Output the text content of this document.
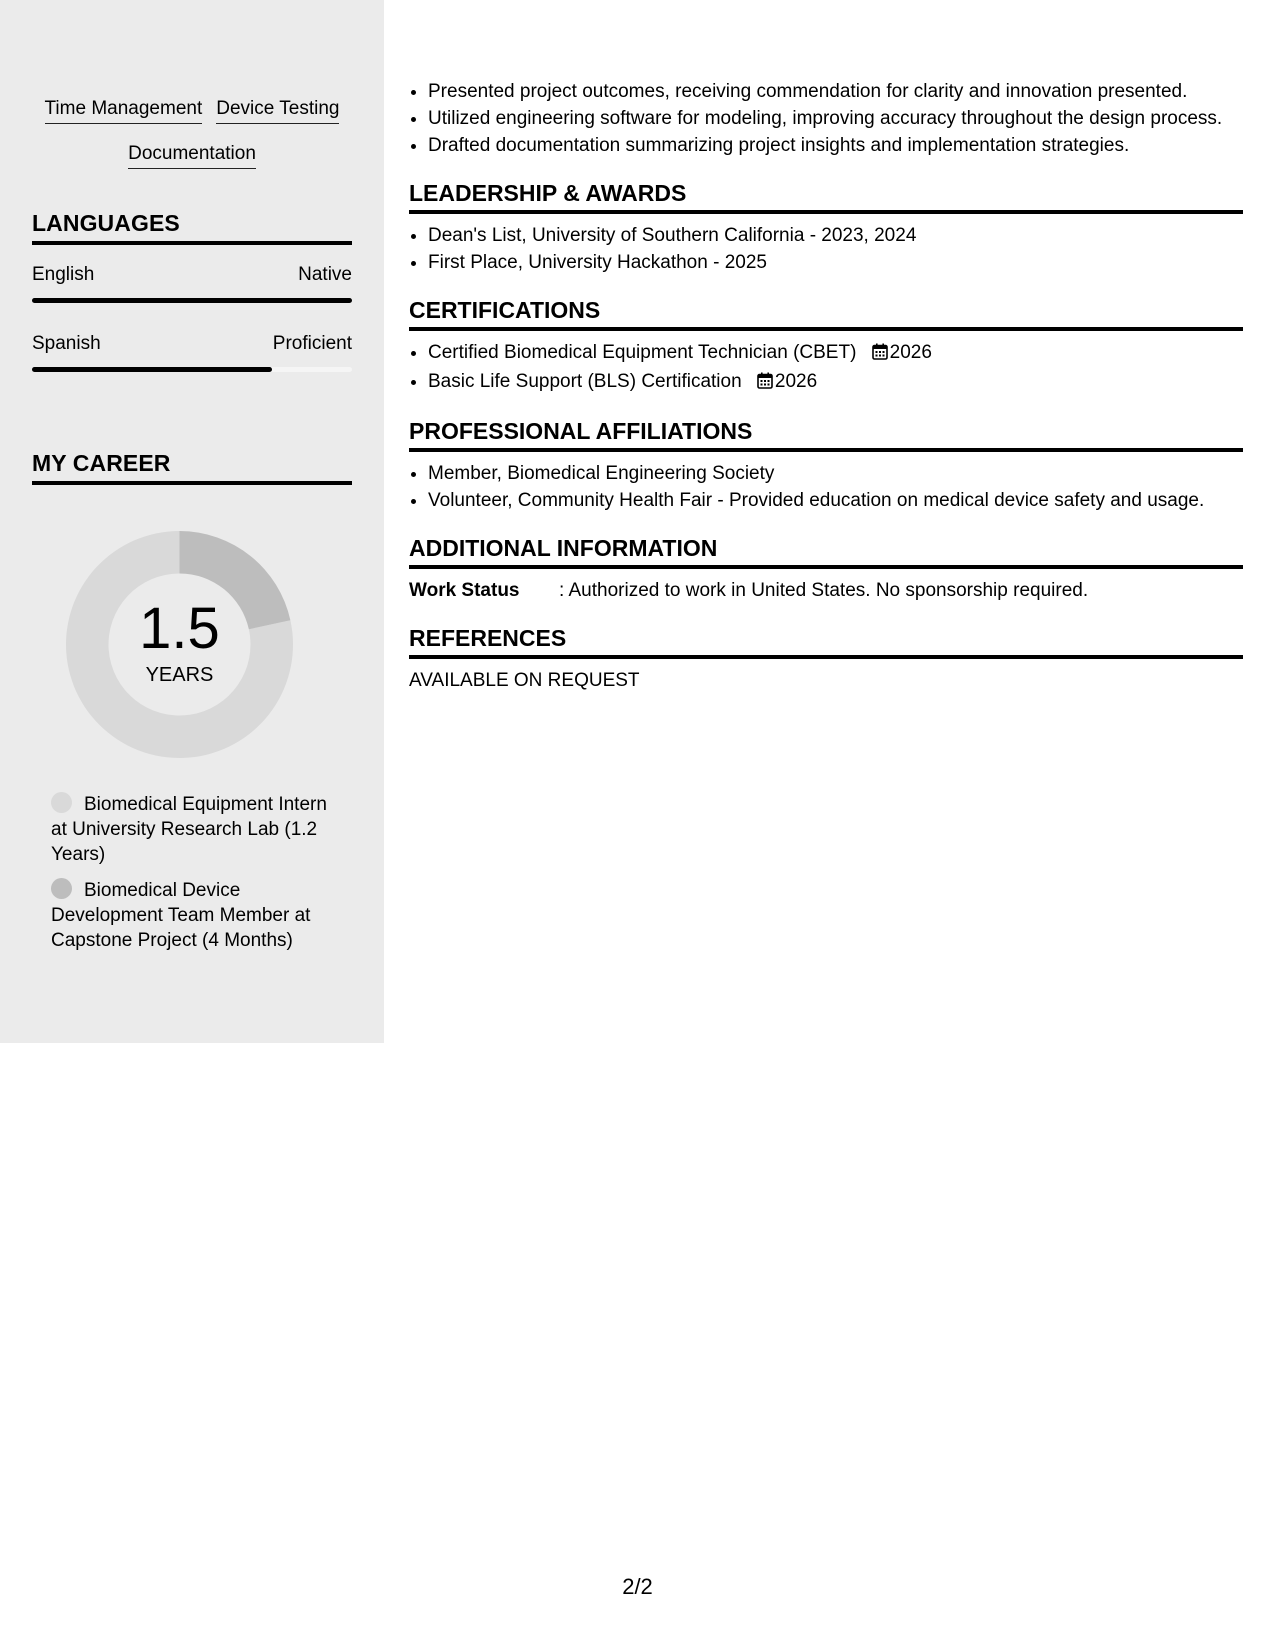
Time Management Device Testing
Documentation
LANGUAGES
English	Native
Spanish	Proficient
MY CAREER
1.5
YEARS
Biomedical Equipment Intern at University Research Lab (1.2 Years)
Biomedical Device Development Team Member at Capstone Project (4 Months)
• Presented project outcomes, receiving commendation for clarity and innovation presented.
• Utilized engineering software for modeling, improving accuracy throughout the design process.
• Drafted documentation summarizing project insights and implementation strategies.
LEADERSHIP & AWARDS
• Dean's List, University of Southern California - 2023, 2024
• First Place, University Hackathon - 2025
CERTIFICATIONS
• Certified Biomedical Equipment Technician (CBET) 2026
• Basic Life Support (BLS) Certification 2026
PROFESSIONAL AFFILIATIONS
• Member, Biomedical Engineering Society
• Volunteer, Community Health Fair - Provided education on medical device safety and usage.
ADDITIONAL INFORMATION
Work Status	: Authorized to work in United States. No sponsorship required.
REFERENCES
AVAILABLE ON REQUEST
2/2
